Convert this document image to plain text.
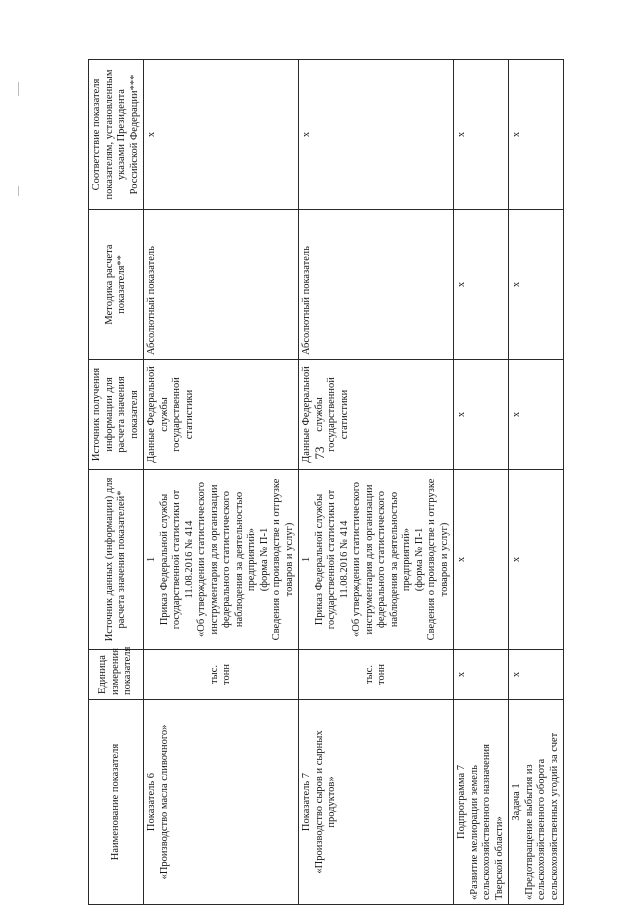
73
Наименование показателя	Единица измерения показателя	Источник данных (информации) для расчета значения показателей*	Источник получения информации для расчета значения показателя	Методика расчета показателя**	Соответствие показателя показателям, установленным указами Президента Российской Федерации***

Показатель 6 «Производство масла сливочного»	тыс. тонн	1 Приказ Федеральной службы государственной статистики от 11.08.2016 № 414 «Об утверждении статистического инструментария для организации федерального статистического наблюдения за деятельностью предприятий» (форма № П-1 Сведения о производстве и отгрузке товаров и услуг)	Данные Федеральной службы государственной статистики	Абсолютный показатель	x

Показатель 7 «Производство сыров и сырных продуктов»	тыс. тонн	1 Приказ Федеральной службы государственной статистики от 11.08.2016 № 414 «Об утверждении статистического инструментария для организации федерального статистического наблюдения за деятельностью предприятий» (форма № П-1 Сведения о производстве и отгрузке товаров и услуг)	Данные Федеральной службы государственной статистики	Абсолютный показатель	x

Подпрограмма 7 «Развитие мелиорации земель сельскохозяйственного назначения Тверской области»	x	x	x	x	x

Задача 1 «Предотвращение выбытия из сельскохозяйственного оборота сельскохозяйственных угодий за счет	x	x	x	x	x
